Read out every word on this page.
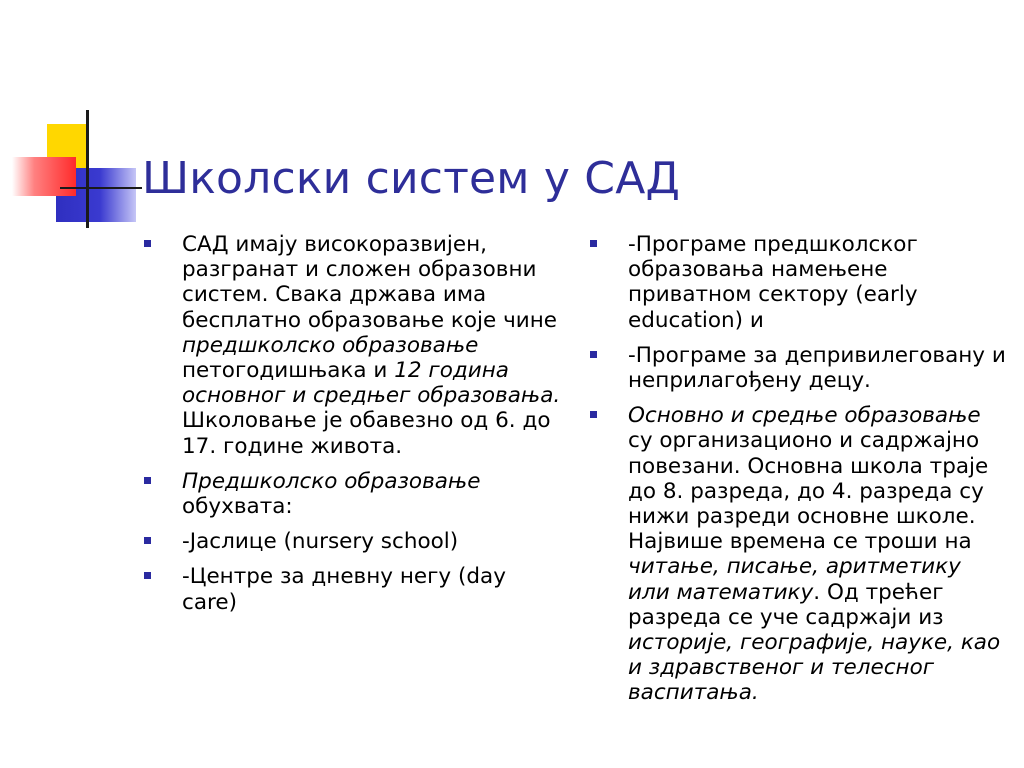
Школски систем у САД
САД имају високоразвијен, разгранат и сложен образовни систем. Свака држава има бесплатно образовање које чине предшколско образовање петогодишњака и 12 година основног и средњег образовања. Школовање је обавезно од 6. до 17. године живота.
Предшколско образовање обухвата:
-Јаслице (nursery school)
-Центре за дневну негу (day care)
-Програме предшколског образовања намењене приватном сектору (early education) и
-Програме за депривилеговану и неприлагођену децу.
Основно и средње образовање су организационо и садржајно повезани. Основна школа траје до 8. разреда, до 4. разреда су нижи разреди основне школе. Највише времена се троши на читање, писање, аритметику или математику. Од трећег разреда се уче садржаји из историје, географије, науке, као и здравственог и телесног васпитања.
